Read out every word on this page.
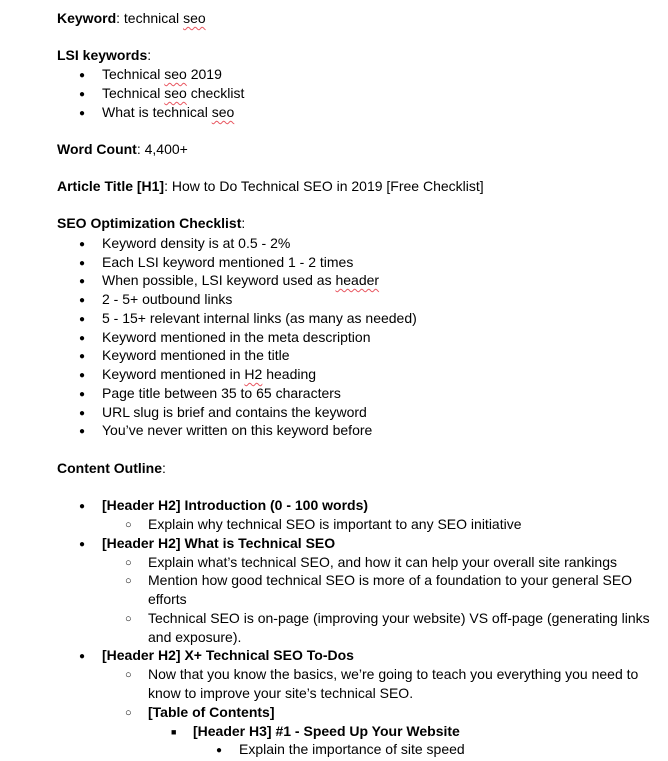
Keyword: technical seo
LSI keywords:
●
Technical seo 2019
●
Technical seo checklist
●
What is technical seo
Word Count: 4,400+
Article Title [H1]: How to Do Technical SEO in 2019 [Free Checklist]
SEO Optimization Checklist:
●
Keyword density is at 0.5 - 2%
●
Each LSI keyword mentioned 1 - 2 times
●
When possible, LSI keyword used as header
●
2 - 5+ outbound links
●
5 - 15+ relevant internal links (as many as needed)
●
Keyword mentioned in the meta description
●
Keyword mentioned in the title
●
Keyword mentioned in H2 heading
●
Page title between 35 to 65 characters
●
URL slug is brief and contains the keyword
●
You’ve never written on this keyword before
Content Outline:
●
[Header H2] Introduction (0 - 100 words)
○
Explain why technical SEO is important to any SEO initiative
●
[Header H2] What is Technical SEO
○
Explain what’s technical SEO, and how it can help your overall site rankings
○
Mention how good technical SEO is more of a foundation to your general SEO efforts
○
Technical SEO is on-page (improving your website) VS off-page (generating links and exposure).
●
[Header H2] X+ Technical SEO To-Dos
○
Now that you know the basics, we’re going to teach you everything you need to know to improve your site’s technical SEO.
○
[Table of Contents]
■
[Header H3] #1 - Speed Up Your Website
●
Explain the importance of site speed
